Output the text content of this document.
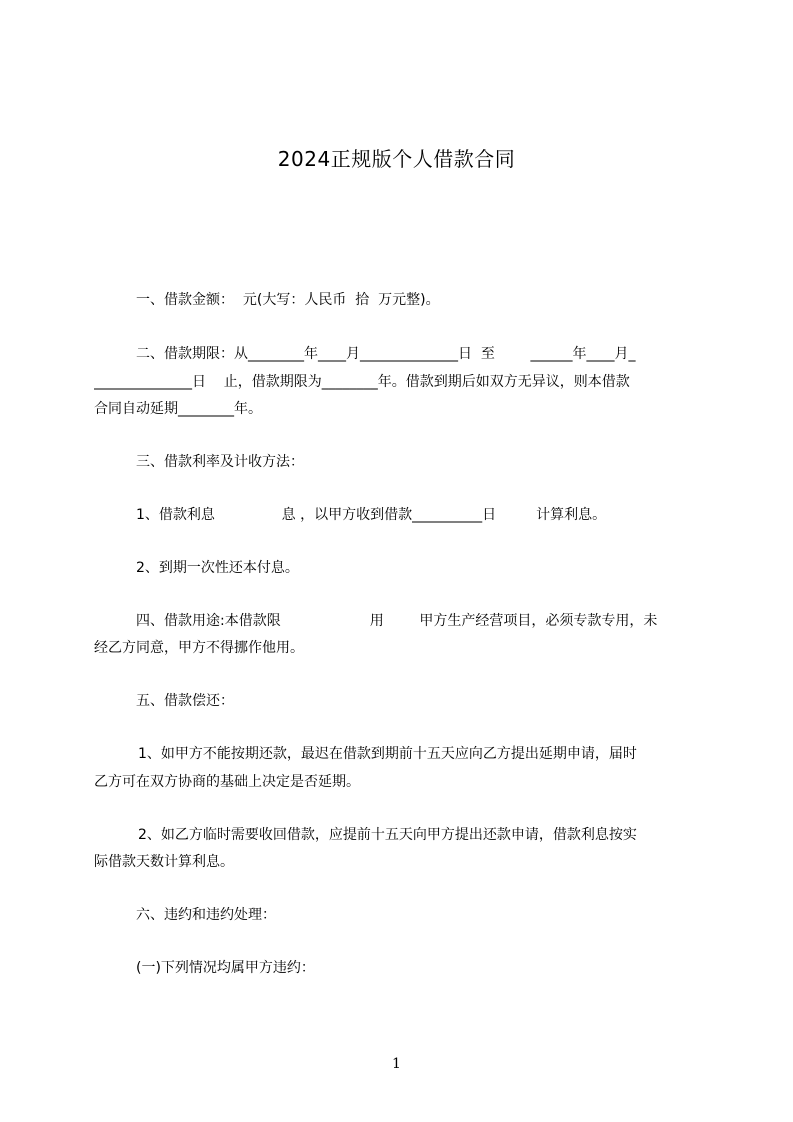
2024正规版个人借款合同
一、借款金额：  元(大写：人民币  拾  万元整)。
二、借款期限：从________年____月______________日  至        ______年____月_
______________日    止，借款期限为________年。借款到期后如双方无异议，则本借款
合同自动延期________年。
三、借款利率及计收方法：
1、借款利息               息 ，以甲方收到借款__________日         计算利息。
2、到期一次性还本付息。
四、借款用途:本借款限                    用        甲方生产经营项目，必须专款专用，未
经乙方同意，甲方不得挪作他用。
五、借款偿还：
1、如甲方不能按期还款，最迟在借款到期前十五天应向乙方提出延期申请，届时
乙方可在双方协商的基础上决定是否延期。
2、如乙方临时需要收回借款，应提前十五天向甲方提出还款申请，借款利息按实
际借款天数计算利息。
六、违约和违约处理：
(一)下列情况均属甲方违约：
1
